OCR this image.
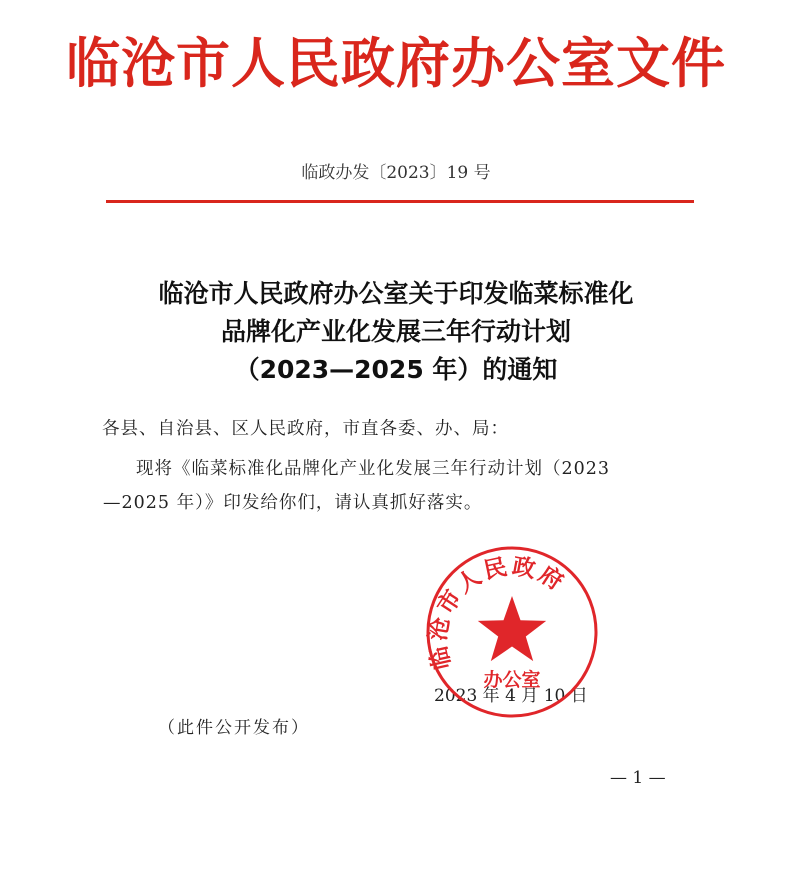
临沧市人民政府办公室文件
临政办发〔2023〕19 号
临沧市人民政府办公室关于印发临菜标准化
品牌化产业化发展三年行动计划
（2023—2025 年）的通知
各县、自治县、区人民政府，市直各委、办、局：
现将《临菜标准化品牌化产业化发展三年行动计划（2023
—2025 年）》印发给你们，请认真抓好落实。
2023 年 4 月 10 日
临沧市人民政府
办公室
（此件公开发布）
— 1 —
